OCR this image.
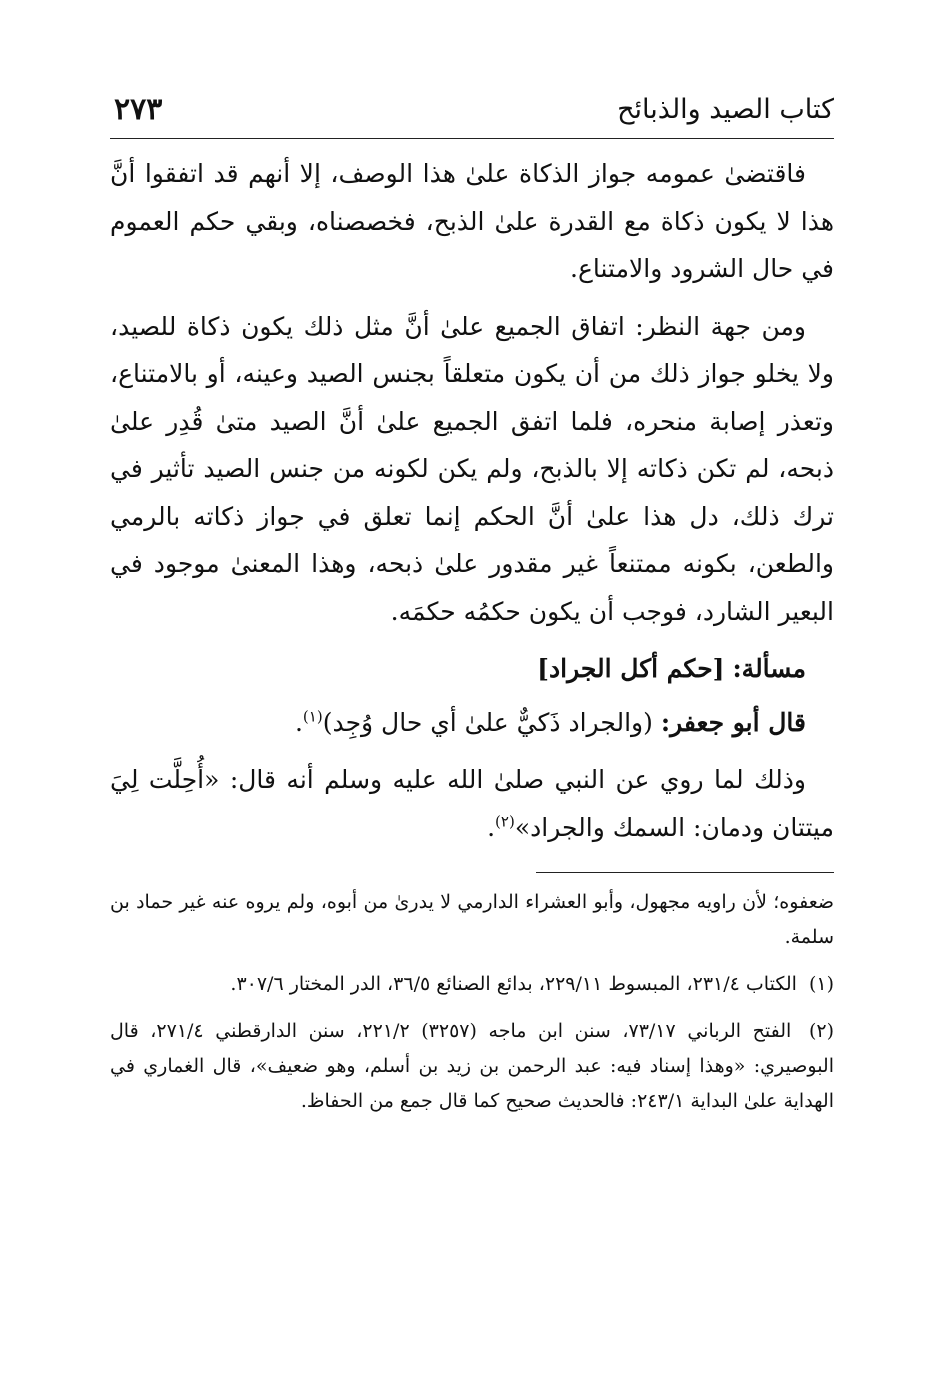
كتاب الصيد والذبائح
٢٧٣

فاقتضىٰ عمومه جواز الذكاة علىٰ هذا الوصف، إلا أنهم قد اتفقوا أنَّ هذا لا يكون ذكاة مع القدرة علىٰ الذبح، فخصصناه، وبقي حكم العموم في حال الشرود والامتناع.

ومن جهة النظر: اتفاق الجميع علىٰ أنَّ مثل ذلك يكون ذكاة للصيد، ولا يخلو جواز ذلك من أن يكون متعلقاً بجنس الصيد وعينه، أو بالامتناع، وتعذر إصابة منحره، فلما اتفق الجميع علىٰ أنَّ الصيد متىٰ قُدِر علىٰ ذبحه، لم تكن ذكاته إلا بالذبح، ولم يكن لكونه من جنس الصيد تأثير في ترك ذلك، دل هذا علىٰ أنَّ الحكم إنما تعلق في جواز ذكاته بالرمي والطعن، بكونه ممتنعاً غير مقدور علىٰ ذبحه، وهذا المعنىٰ موجود في البعير الشارد، فوجب أن يكون حكمُه حكمَه.

مسألة: [حكم أكل الجراد]

قال أبو جعفر: (والجراد ذَكيٌّ علىٰ أي حال وُجِد)$^{(١)}$.

وذلك لما روي عن النبي صلىٰ الله عليه وسلم أنه قال: «أُحِلَّت لِيَ ميتتان ودمان: السمك والجراد»$^{(٢)}$.

ضعفوه؛ لأن راويه مجهول، وأبو العشراء الدارمي لا يدرىٰ من أبوه، ولم يروه عنه غير حماد بن سلمة.

(١) الكتاب ٢٣١/٤، المبسوط ٢٢٩/١١، بدائع الصنائع ٣٦/٥، الدر المختار ٣٠٧/٦.

(٢) الفتح الرباني ٧٣/١٧، سنن ابن ماجه (٣٢٥٧) ٢٢١/٢، سنن الدارقطني ٢٧١/٤، قال البوصيري: «وهذا إسناد فيه: عبد الرحمن بن زيد بن أسلم، وهو ضعيف»، قال الغماري في الهداية علىٰ البداية ٢٤٣/١: فالحديث صحيح كما قال جمع من الحفاظ.
